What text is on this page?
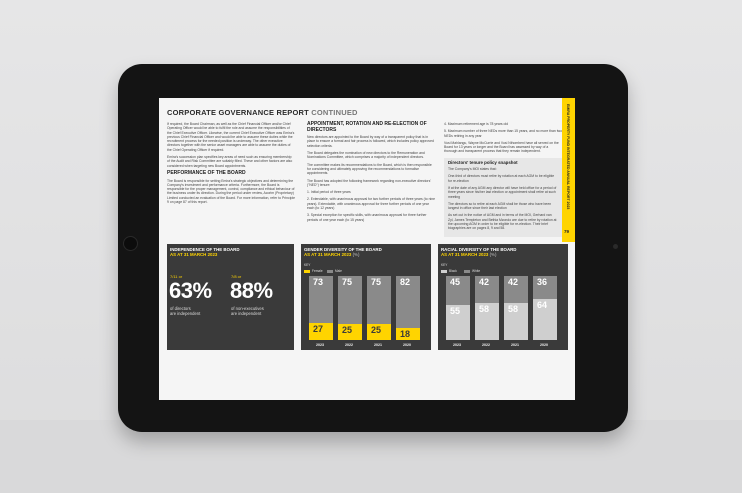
CORPORATE GOVERNANCE REPORT CONTINUED

If required, the Board Chairman, as well as the Chief Financial Officer and/or Chief Operating Officer would be able to fulfil the role and assume the responsibilities of the Chief Executive Officer. Likewise, the current Chief Executive Officer was Emira's previous Chief Financial Officer and would be able to assume these duties while the recruitment process for the needed position is underway. The other executive directors together with the senior asset managers are able to assume the duties of the Chief Operating Officer if required.

Emira's succession plan specifies key areas of need such as ensuring membership of the Audit and Risk Committee are suitably filled. These and other factors are also considered when targeting new Board appointments.

PERFORMANCE OF THE BOARD

The Board is responsible for setting Emira's strategic objectives and determining the Company's investment and performance criteria. Furthermore, the Board is responsible for the proper management, control, compliance and ethical behaviour of the business under its direction. During the period under review, Acorim (Proprietary) Limited conducted an evaluation of the Board. For more information, refer to Principle 9 on page 87 of this report.

APPOINTMENT, ROTATION AND RE-ELECTION OF DIRECTORS

New directors are appointed to the Board by way of a transparent policy that is in place to ensure a formal and fair process is followed, which includes policy approved selection criteria.

The Board delegates the nomination of new directors to the Remuneration and Nominations Committee, which comprises a majority of independent directors.

The committee makes its recommendations to the Board, which is then responsible for considering and ultimately approving the recommendations to formalise appointments.

The Board has adopted the following framework regarding non-executive directors' ("NED") tenure:

1. Initial period of three years

2. Extendable, with unanimous approval for two further periods of three years (to nine years). Extendable, with unanimous approval for three further periods of one year each (to 12 years)

3. Special exception for specific skills, with unanimous approval for three further periods of one year each (to 15 years)

4. Maximum retirement age is 78 years old

5. Maximum number of three NEDs more than 15 years, and no more than two NEDs retiring in any year

Vusi Mahlangu, Wayne McCurrie and Vusi Nthombeni have all served on the Board for 13 years or longer and the Board has assessed by way of a thorough and transparent process that they remain independent.

Directors' tenure policy snapshot

The Company's MOI states that:

One-third of directors must retire by rotation at each AGM to be eligible for re-election

If at the date of any AGM any director will have held office for a period of three years since his/her last election or appointment shall retire at such meeting

The directors so to retire at each AGM shall be those who have been longest in office since their last election

As set out in the notice of AGM and in terms of the MOI, Gerhard van Zyl, James Templeton and Bethia Mzondo are due to retire by rotation at the upcoming AGM in order to be eligible for re-election. Their brief biographies are on pages 8, 9 and 58.

EMIRA PROPERTY FUND INTEGRATED ANNUAL REPORT 2023
79
INDEPENDENCE OF THE BOARD
AS AT 31 MARCH 2023
7/11 or
63%
of directors
are independent
7/8 or
88%
of non-executives
are independent
GENDER DIVERSITY OF THE BOARD
AS AT 31 MARCH 2023 (%)
KEY
Female	Male
73
27
2023
75
25
2022
75
25
2021
82
18
2020
RACIAL DIVERSITY OF THE BOARD
AS AT 31 MARCH 2023 (%)
KEY
Black	White
45
55
2023
42
58
2022
42
58
2021
36
64
2020
